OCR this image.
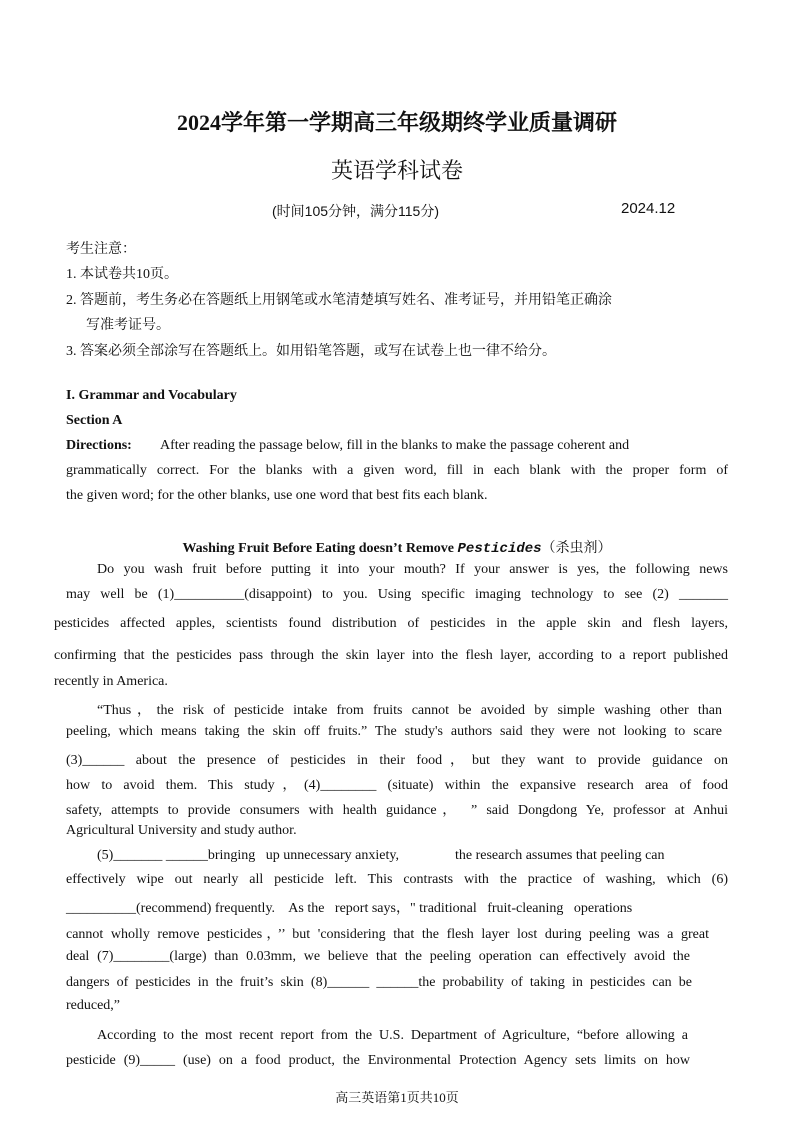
2024学年第一学期高三年级期终学业质量调研
英语学科试卷
(时间105分钟，满分115分)	2024.12
考生注意：
1. 本试卷共10页。
2. 答题前，考生务必在答题纸上用钢笔或水笔清楚填写姓名、准考证号，并用铅笔正确涂
写准考证号。
3. 答案必须全部涂写在答题纸上。如用铅笔答题，或写在试卷上也一律不给分。
I. Grammar and Vocabulary
Section A
Directions: After reading the passage below, fill in the blanks to make the passage coherent and
grammatically correct. For the blanks with a given word, fill in each blank with the proper form of
the given word; for the other blanks, use one word that best fits each blank.
Washing Fruit Before Eating doesn’t Remove Pesticides（杀虫剂）
Do you wash fruit before putting it into your mouth? If your answer is yes, the following news
may well be (1)__________(disappoint) to you. Using specific imaging technology to see (2) _______
pesticides affected apples, scientists found distribution of pesticides in the apple skin and flesh layers,
confirming that the pesticides pass through the skin layer into the flesh layer, according to a report published
recently in America.
“Thus，the risk of pesticide intake from fruits cannot be avoided by simple washing other than
peeling, which means taking the skin off fruits.” The study's authors said they were not looking to scare
(3)______ about the presence of pesticides in their food，but they want to provide guidance on
how to avoid them. This study，(4)________ (situate) within the expansive research area of food
safety, attempts to provide consumers with health guidance， ” said Dongdong Ye, professor at Anhui
Agricultural University and study author.
(5)_______ ______bringing   up unnecessary anxiety,                the research assumes that peeling can
effectively wipe out nearly all pesticide left. This contrasts with the practice of washing, which (6)
__________(recommend) frequently.    As the   report says，" traditional   fruit-cleaning   operations
cannot wholly remove pesticides，’’ but 'considering that the flesh layer lost during peeling was a great
deal (7)________(large) than 0.03mm, we believe that the peeling operation can effectively avoid the
dangers of pesticides in the fruit’s skin (8)______ ______the probability of taking in pesticides can be
reduced,”
According to the most recent report from the U.S. Department of Agriculture, “before allowing a
pesticide (9)_____ (use) on a food product, the Environmental Protection Agency sets limits on how
高三英语第1页共10页
